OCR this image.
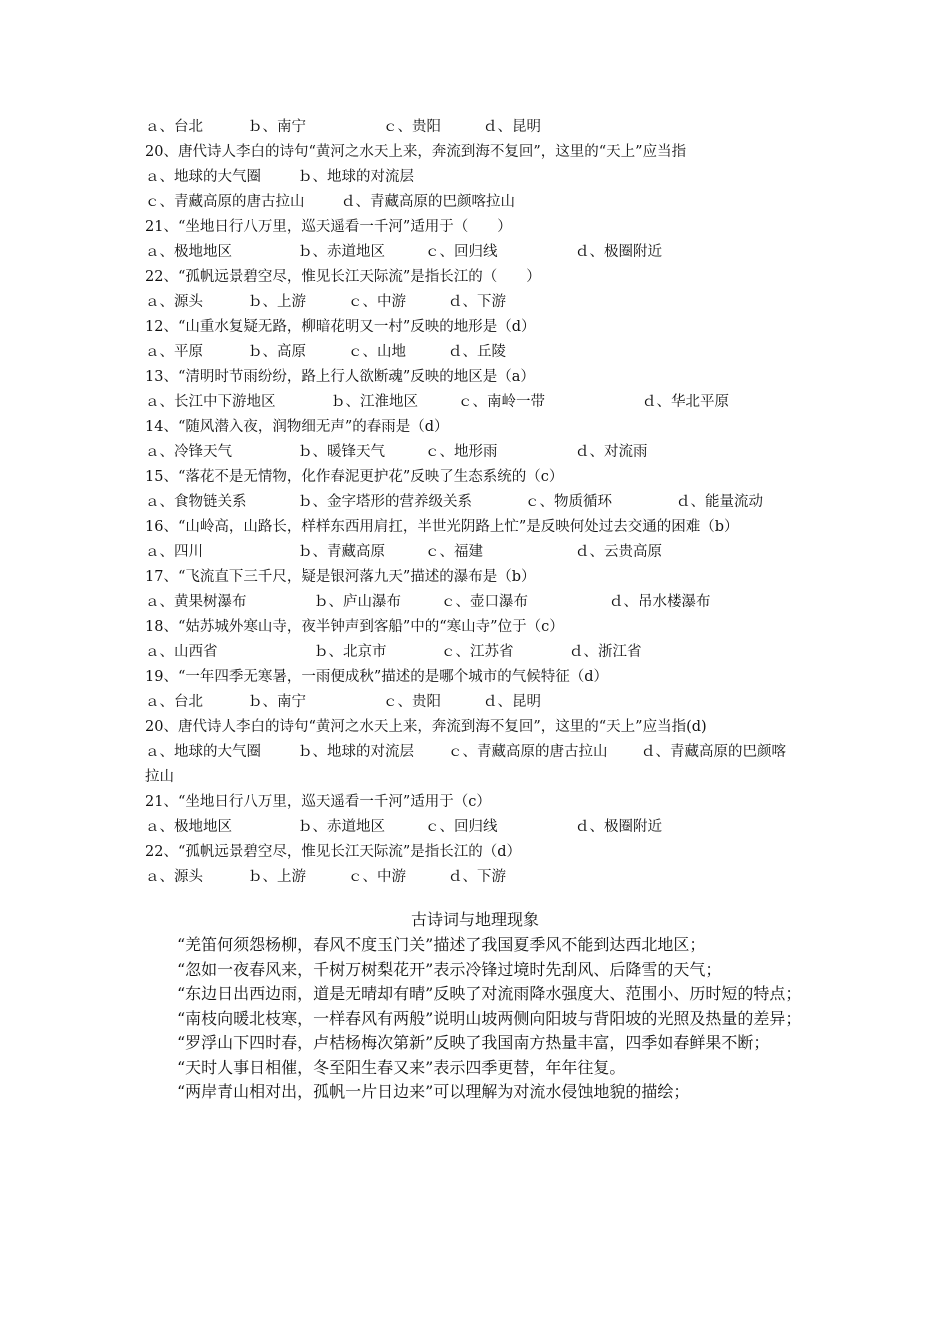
ａ、台北	ｂ、南宁	ｃ、贵阳	ｄ、昆明
20、唐代诗人李白的诗句“黄河之水天上来，奔流到海不复回”，这里的“天上”应当指
ａ、地球的大气圈	ｂ、地球的对流层
ｃ、青藏高原的唐古拉山	ｄ、青藏高原的巴颜喀拉山
21、“坐地日行八万里，巡天遥看一千河”适用于（　　）
ａ、极地地区	ｂ、赤道地区	ｃ、回归线	ｄ、极圈附近
22、“孤帆远景碧空尽，惟见长江天际流”是指长江的（　　）
ａ、源头	ｂ、上游	ｃ、中游	ｄ、下游
12、“山重水复疑无路，柳暗花明又一村”反映的地形是（d）
ａ、平原	ｂ、高原	ｃ、山地	ｄ、丘陵
13、“清明时节雨纷纷，路上行人欲断魂”反映的地区是（a）
ａ、长江中下游地区	ｂ、江淮地区	ｃ、南岭一带	ｄ、华北平原
14、“随风潜入夜，润物细无声”的春雨是（d）
ａ、冷锋天气	ｂ、暖锋天气	ｃ、地形雨	ｄ、对流雨
15、“落花不是无情物，化作春泥更护花”反映了生态系统的（c）
ａ、食物链关系	ｂ、金字塔形的营养级关系	ｃ、物质循环	ｄ、能量流动
16、“山岭高，山路长，样样东西用肩扛，半世光阴路上忙”是反映何处过去交通的困难（b）
ａ、四川	ｂ、青藏高原	ｃ、福建	ｄ、云贵高原
17、“飞流直下三千尺，疑是银河落九天”描述的瀑布是（b）
ａ、黄果树瀑布	ｂ、庐山瀑布	ｃ、壶口瀑布	ｄ、吊水楼瀑布
18、“姑苏城外寒山寺，夜半钟声到客船”中的“寒山寺”位于（c）
ａ、山西省	ｂ、北京市	ｃ、江苏省	ｄ、浙江省
19、“一年四季无寒暑，一雨便成秋”描述的是哪个城市的气候特征（d）
ａ、台北	ｂ、南宁	ｃ、贵阳	ｄ、昆明
20、唐代诗人李白的诗句“黄河之水天上来，奔流到海不复回”，这里的“天上”应当指(d)
ａ、地球的大气圈	ｂ、地球的对流层 ｃ、青藏高原的唐古拉山 ｄ、青藏高原的巴颜喀
拉山
21、“坐地日行八万里，巡天遥看一千河”适用于（c）
ａ、极地地区	ｂ、赤道地区	ｃ、回归线	ｄ、极圈附近
22、“孤帆远景碧空尽，惟见长江天际流”是指长江的（d）
ａ、源头	ｂ、上游	ｃ、中游	ｄ、下游
古诗词与地理现象

“羌笛何须怨杨柳，春风不度玉门关”描述了我国夏季风不能到达西北地区；

“忽如一夜春风来，千树万树梨花开”表示冷锋过境时先刮风、后降雪的天气；

“东边日出西边雨，道是无晴却有晴”反映了对流雨降水强度大、范围小、历时短的特点；

“南枝向暖北枝寒，一样春风有两般”说明山坡两侧向阳坡与背阳坡的光照及热量的差异；

“罗浮山下四时春，卢桔杨梅次第新”反映了我国南方热量丰富，四季如春鲜果不断；

“天时人事日相催，冬至阳生春又来”表示四季更替，年年往复。

“两岸青山相对出，孤帆一片日边来”可以理解为对流水侵蚀地貌的描绘；
